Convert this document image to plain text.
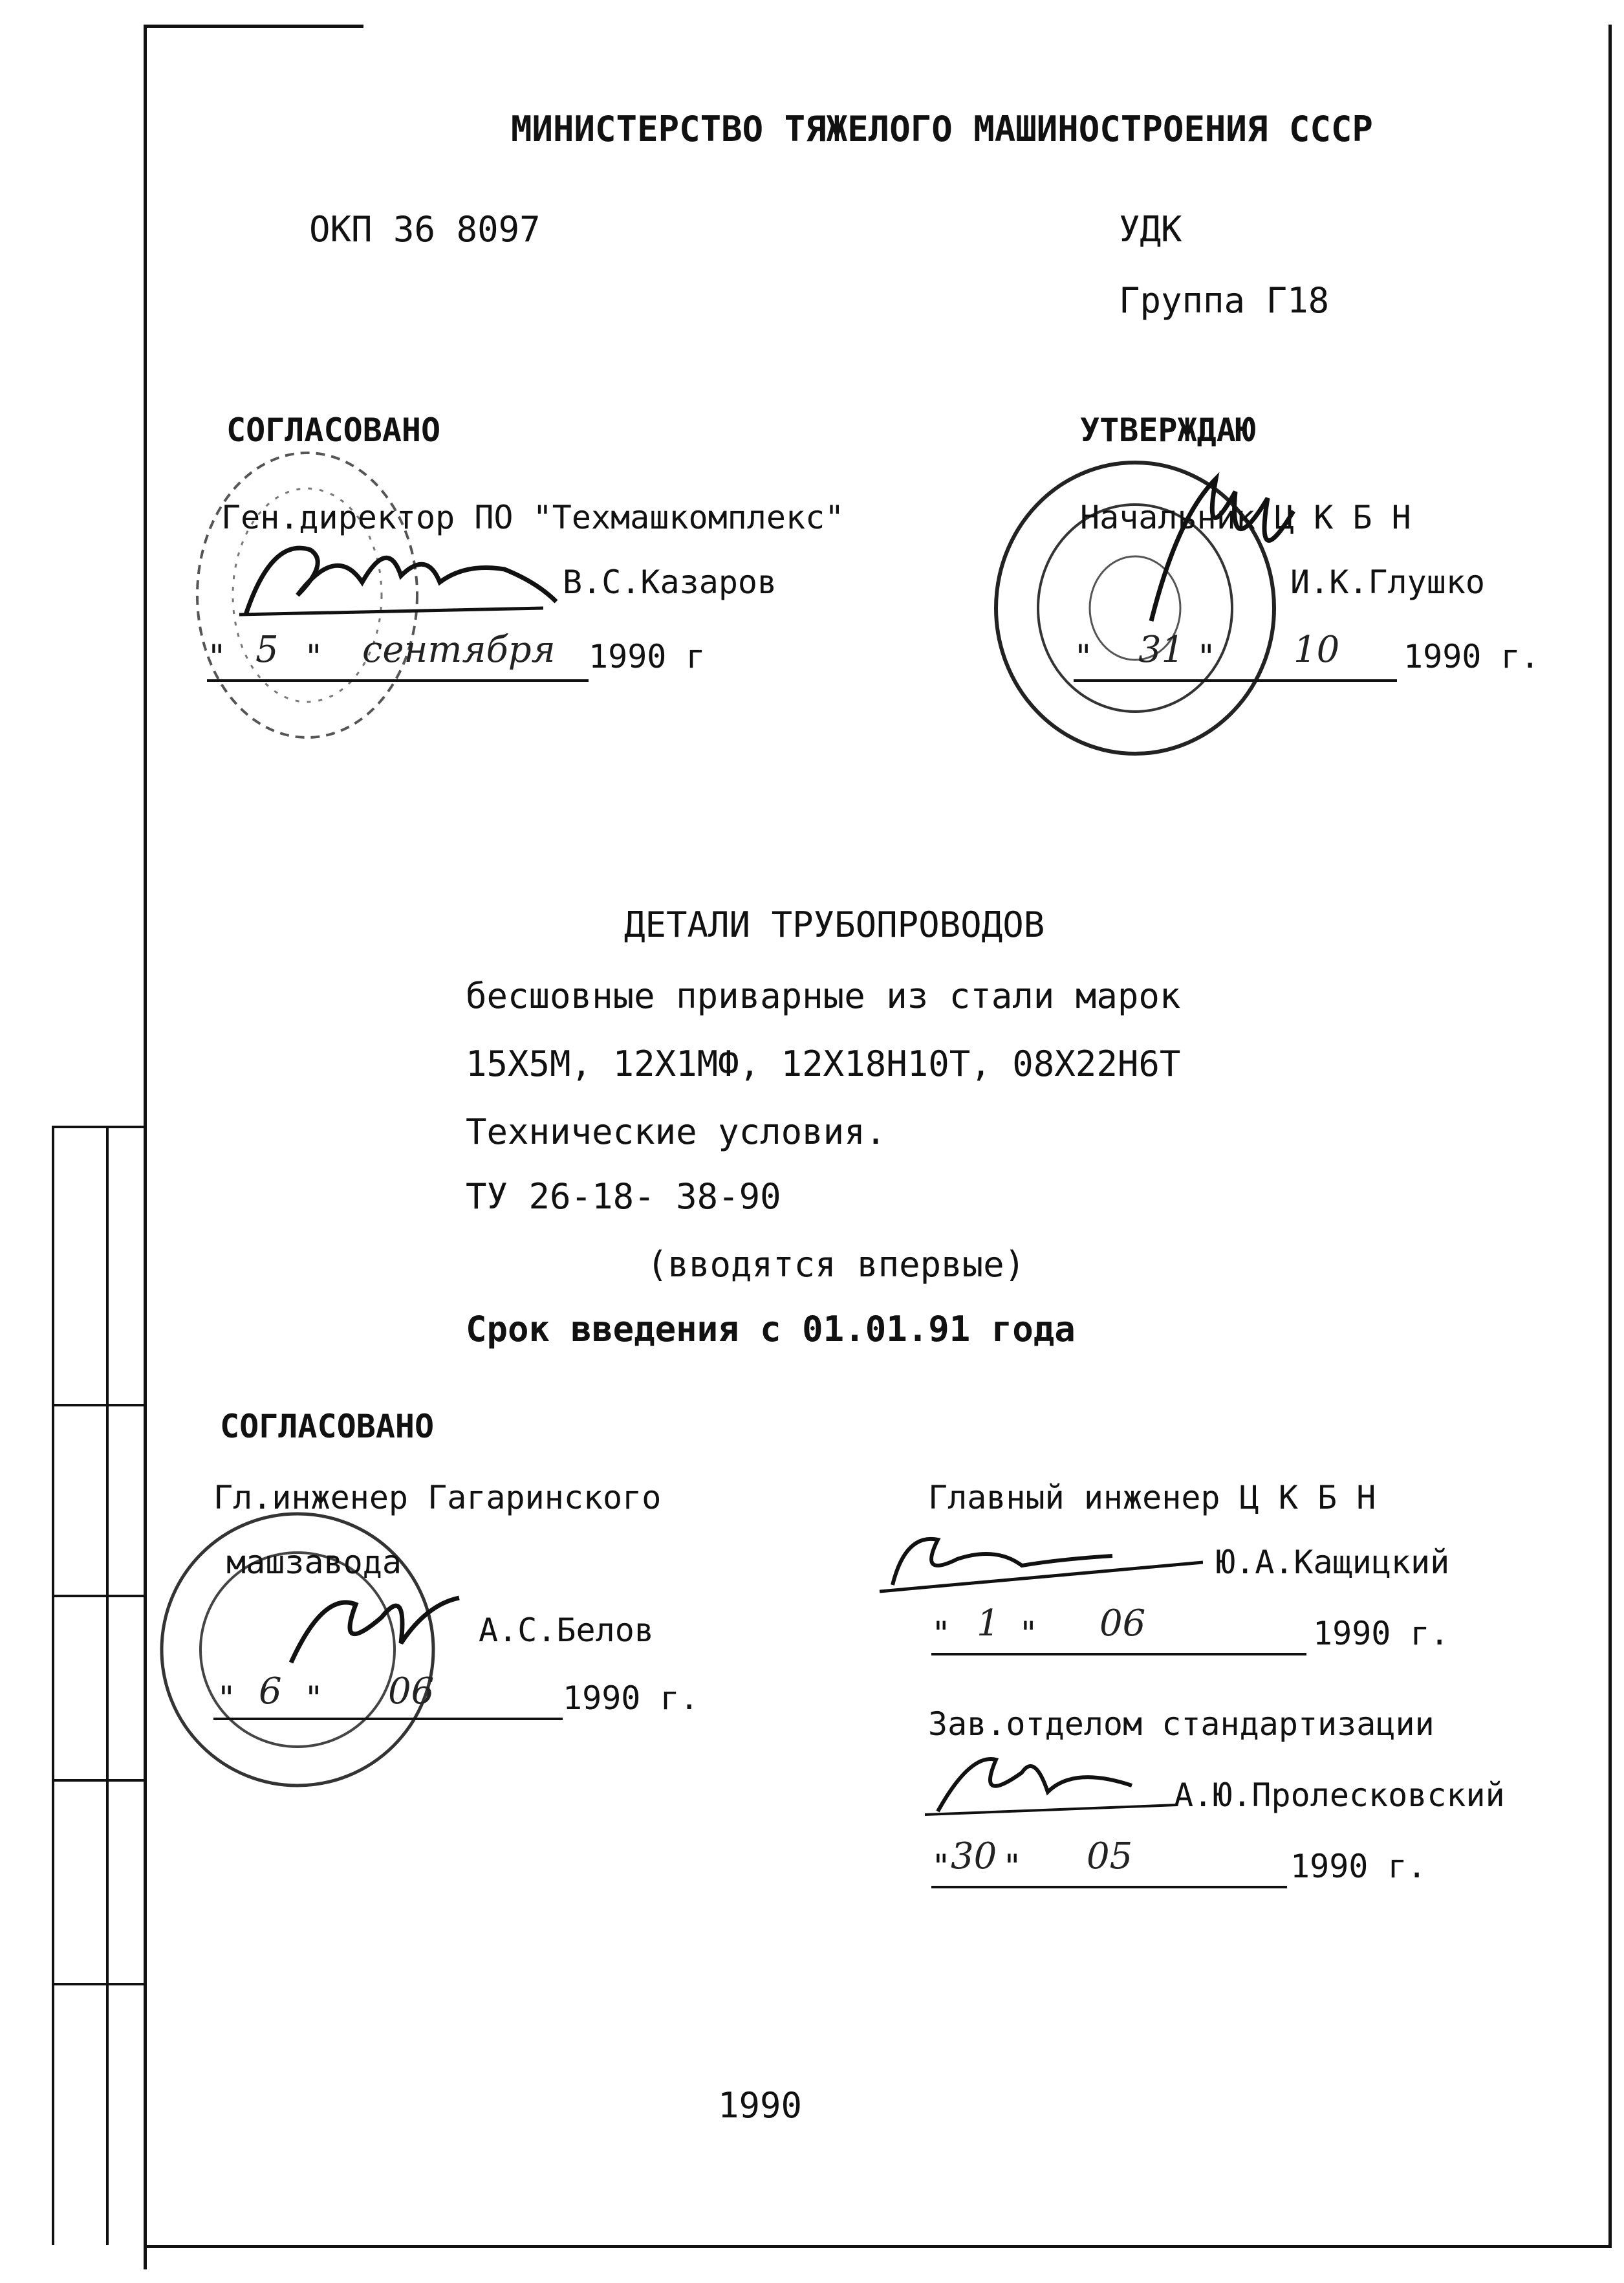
МИНИСТЕРСТВО ТЯЖЕЛОГО МАШИНОСТРОЕНИЯ СССР
ОКП 36 8097	УДК
Группа Г18
СОГЛАСОВАНО
Ген.директор ПО "Техмашкомплекс"
В.С.Казаров
" 5 " сентября 1990 г
УТВЕРЖДАЮ
Начальник Ц К Б Н
И.К.Глушко
" 31 " 10 1990 г.
ДЕТАЛИ ТРУБОПРОВОДОВ
бесшовные приварные из стали марок
15Х5М, 12Х1МФ, 12Х18Н10Т, 08Х22Н6Т
Технические условия.
ТУ 26-18- 38-90
(вводятся впервые)
Срок введения с 01.01.91 года
СОГЛАСОВАНО
Гл.инженер Гагаринского
машзавода
А.С.Белов
" 6 " 06	1990 г.
Главный инженер Ц К Б Н
Ю.А.Кащицкий
" 1 " 06	1990 г.
Зав.отделом стандартизации
А.Ю.Пролесковский
" 30 " 05	1990 г.
1990
